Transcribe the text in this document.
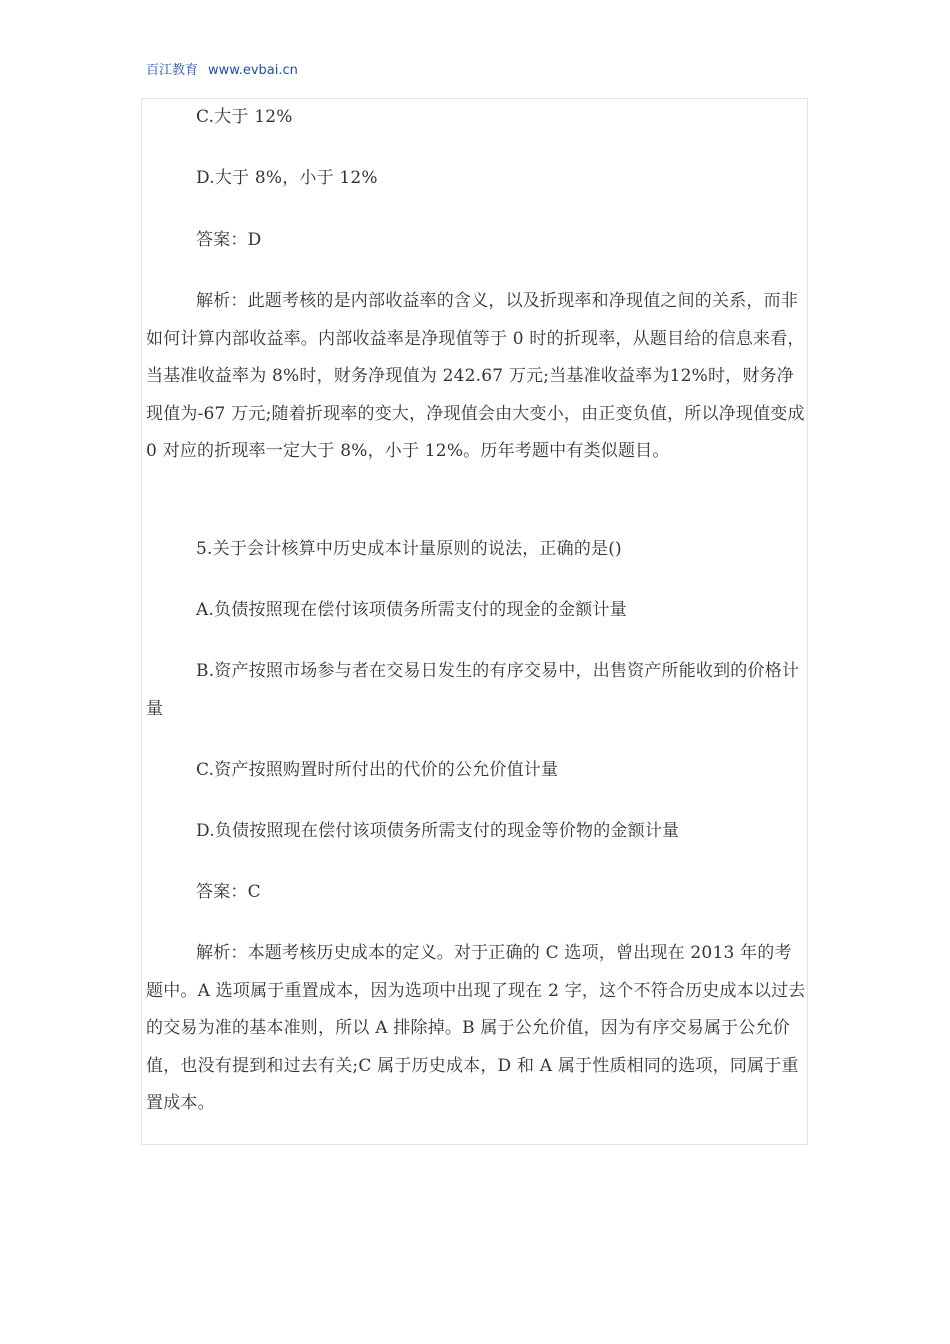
百江教育 www.evbai.cn

C.大于 12%

D.大于 8%，小于 12%

答案：D

解析：此题考核的是内部收益率的含义，以及折现率和净现值之间的关系，而非如何计算内部收益率。内部收益率是净现值等于 0 时的折现率，从题目给的信息来看，当基准收益率为 8%时，财务净现值为 242.67 万元;当基准收益率为12%时，财务净现值为-67 万元;随着折现率的变大，净现值会由大变小，由正变负值，所以净现值变成 0 对应的折现率一定大于 8%，小于 12%。历年考题中有类似题目。

5.关于会计核算中历史成本计量原则的说法，正确的是()

A.负债按照现在偿付该项债务所需支付的现金的金额计量

B.资产按照市场参与者在交易日发生的有序交易中，出售资产所能收到的价格计量

C.资产按照购置时所付出的代价的公允价值计量

D.负债按照现在偿付该项债务所需支付的现金等价物的金额计量

答案：C

解析：本题考核历史成本的定义。对于正确的 C 选项，曾出现在 2013 年的考题中。A 选项属于重置成本，因为选项中出现了现在 2 字，这个不符合历史成本以过去的交易为准的基本准则，所以 A 排除掉。B 属于公允价值，因为有序交易属于公允价值，也没有提到和过去有关;C 属于历史成本，D 和 A 属于性质相同的选项，同属于重置成本。
